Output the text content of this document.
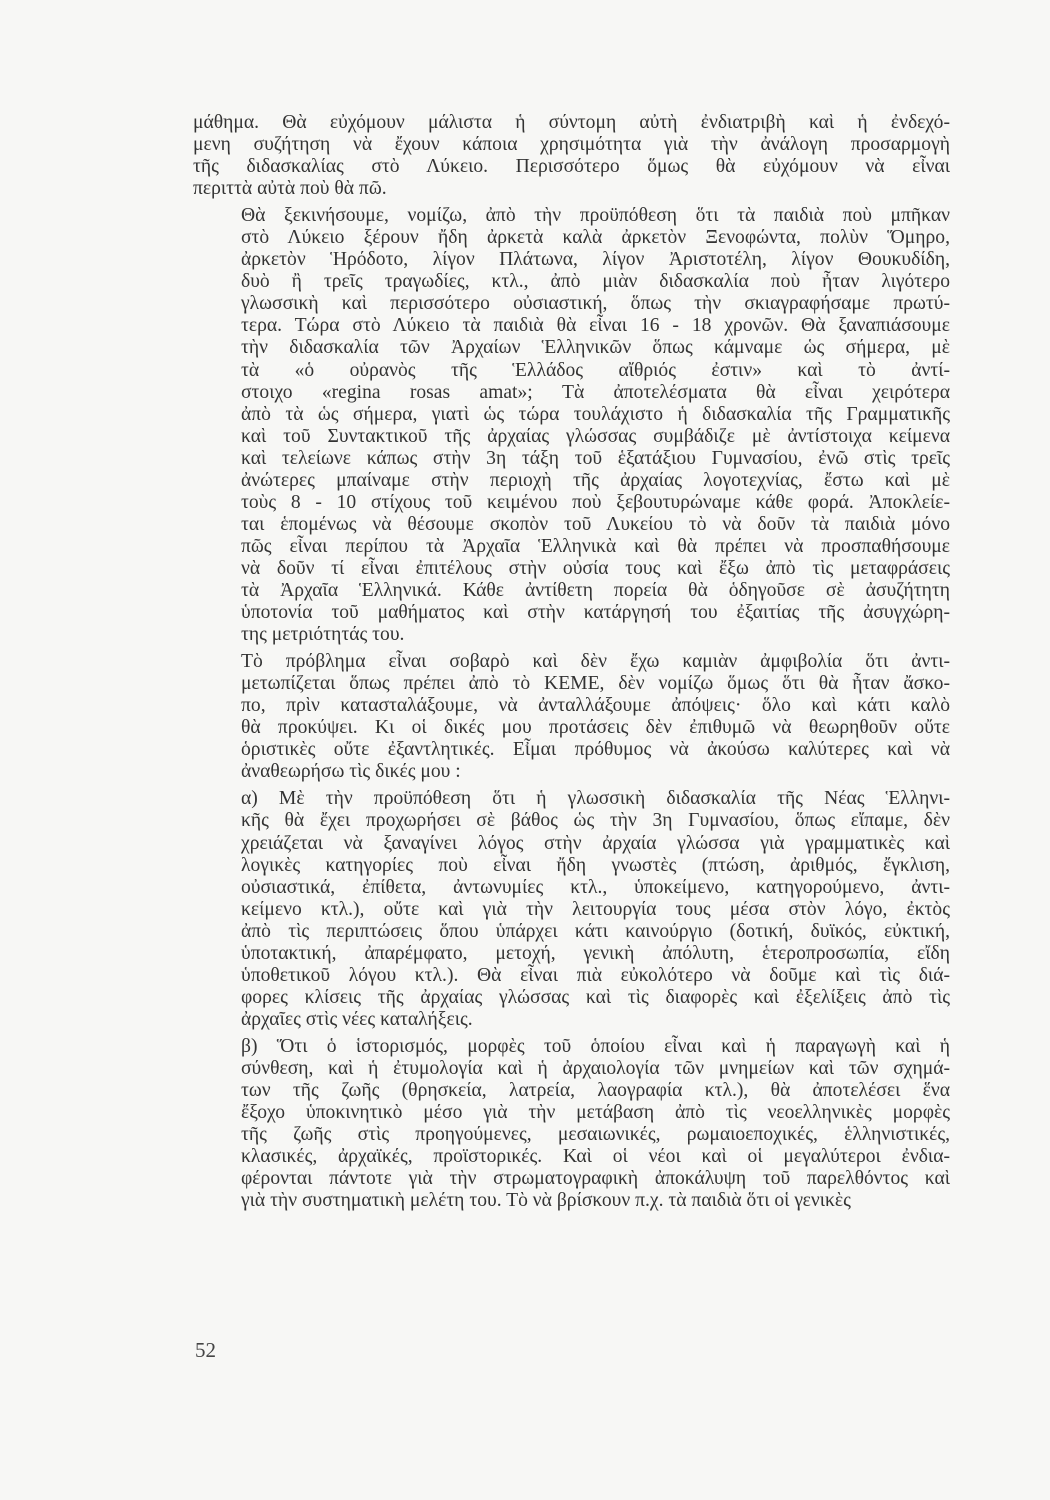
μάθημα. Θὰ εὐχόμουν μάλιστα ἡ σύντομη αὐτὴ ἐνδιατριβὴ καὶ ἡ ἐνδεχό-
μενη συζήτηση νὰ ἔχουν κάποια χρησιμότητα γιὰ τὴν ἀνάλογη προσαρμογὴ
τῆς διδασκαλίας στὸ Λύκειο. Περισσότερο ὅμως θὰ εὐχόμουν νὰ εἶναι
περιττὰ αὐτὰ ποὺ θὰ πῶ.
Θὰ ξεκινήσουμε, νομίζω, ἀπὸ τὴν προϋπόθεση ὅτι τὰ παιδιὰ ποὺ μπῆκαν
στὸ Λύκειο ξέρουν ἤδη ἀρκετὰ καλὰ ἀρκετὸν Ξενοφώντα, πολὺν Ὅμηρο,
ἀρκετὸν Ἡρόδοτο, λίγον Πλάτωνα, λίγον Ἀριστοτέλη, λίγον Θουκυδίδη,
δυὸ ἢ τρεῖς τραγωδίες, κτλ., ἀπὸ μιὰν διδασκαλία ποὺ ἦταν λιγότερο
γλωσσικὴ καὶ περισσότερο οὐσιαστική, ὅπως τὴν σκιαγραφήσαμε πρωτύ-
τερα. Τώρα στὸ Λύκειο τὰ παιδιὰ θὰ εἶναι 16 - 18 χρονῶν. Θὰ ξαναπιάσουμε
τὴν διδασκαλία τῶν Ἀρχαίων Ἑλληνικῶν ὅπως κάμναμε ὡς σήμερα, μὲ
τὰ «ὁ οὐρανὸς τῆς Ἑλλάδος αἴθριός ἐστιν» καὶ τὸ ἀντί-
στοιχο «regina rosas amat»; Τὰ ἀποτελέσματα θὰ εἶναι χειρότερα
ἀπὸ τὰ ὡς σήμερα, γιατὶ ὡς τώρα τουλάχιστο ἡ διδασκαλία τῆς Γραμματικῆς
καὶ τοῦ Συντακτικοῦ τῆς ἀρχαίας γλώσσας συμβάδιζε μὲ ἀντίστοιχα κείμενα
καὶ τελείωνε κάπως στὴν 3η τάξη τοῦ ἑξατάξιου Γυμνασίου, ἐνῶ στὶς τρεῖς
ἀνώτερες μπαίναμε στὴν περιοχὴ τῆς ἀρχαίας λογοτεχνίας, ἔστω καὶ μὲ
τοὺς 8 - 10 στίχους τοῦ κειμένου ποὺ ξεβουτυρώναμε κάθε φορά. Ἀποκλείε-
ται ἑπομένως νὰ θέσουμε σκοπὸν τοῦ Λυκείου τὸ νὰ δοῦν τὰ παιδιὰ μόνο
πῶς εἶναι περίπου τὰ Ἀρχαῖα Ἑλληνικὰ καὶ θὰ πρέπει νὰ προσπαθήσουμε
νὰ δοῦν τί εἶναι ἐπιτέλους στὴν οὐσία τους καὶ ἔξω ἀπὸ τὶς μεταφράσεις
τὰ Ἀρχαῖα Ἑλληνικά. Κάθε ἀντίθετη πορεία θὰ ὁδηγοῦσε σὲ ἀσυζήτητη
ὑποτονία τοῦ μαθήματος καὶ στὴν κατάργησή του ἐξαιτίας τῆς ἀσυγχώρη-
της μετριότητάς του.
Τὸ πρόβλημα εἶναι σοβαρὸ καὶ δὲν ἔχω καμιὰν ἀμφιβολία ὅτι ἀντι-
μετωπίζεται ὅπως πρέπει ἀπὸ τὸ ΚΕΜΕ, δὲν νομίζω ὅμως ὅτι θὰ ἦταν ἄσκο-
πο, πρὶν κατασταλάξουμε, νὰ ἀνταλλάξουμε ἀπόψεις· ὅλο καὶ κάτι καλὸ
θὰ προκύψει. Κι οἱ δικές μου προτάσεις δὲν ἐπιθυμῶ νὰ θεωρηθοῦν οὔτε
ὁριστικὲς οὔτε ἐξαντλητικές. Εἶμαι πρόθυμος νὰ ἀκούσω καλύτερες καὶ νὰ
ἀναθεωρήσω τὶς δικές μου :
α) Μὲ τὴν προϋπόθεση ὅτι ἡ γλωσσικὴ διδασκαλία τῆς Νέας Ἑλληνι-
κῆς θὰ ἔχει προχωρήσει σὲ βάθος ὡς τὴν 3η Γυμνασίου, ὅπως εἴπαμε, δὲν
χρειάζεται νὰ ξαναγίνει λόγος στὴν ἀρχαία γλώσσα γιὰ γραμματικὲς καὶ
λογικὲς κατηγορίες ποὺ εἶναι ἤδη γνωστὲς (πτώση, ἀριθμός, ἔγκλιση,
οὐσιαστικά, ἐπίθετα, ἀντωνυμίες κτλ., ὑποκείμενο, κατηγορούμενο, ἀντι-
κείμενο κτλ.), οὔτε καὶ γιὰ τὴν λειτουργία τους μέσα στὸν λόγο, ἐκτὸς
ἀπὸ τὶς περιπτώσεις ὅπου ὑπάρχει κάτι καινούργιο (δοτική, δυϊκός, εὐκτική,
ὑποτακτική, ἀπαρέμφατο, μετοχή, γενικὴ ἀπόλυτη, ἑτεροπροσωπία, εἴδη
ὑποθετικοῦ λόγου κτλ.). Θὰ εἶναι πιὰ εὐκολότερο νὰ δοῦμε καὶ τὶς διά-
φορες κλίσεις τῆς ἀρχαίας γλώσσας καὶ τὶς διαφορὲς καὶ ἐξελίξεις ἀπὸ τὶς
ἀρχαῖες στὶς νέες καταλήξεις.
β) Ὅτι ὁ ἱστορισμός, μορφὲς τοῦ ὁποίου εἶναι καὶ ἡ παραγωγὴ καὶ ἡ
σύνθεση, καὶ ἡ ἐτυμολογία καὶ ἡ ἀρχαιολογία τῶν μνημείων καὶ τῶν σχημά-
των τῆς ζωῆς (θρησκεία, λατρεία, λαογραφία κτλ.), θὰ ἀποτελέσει ἕνα
ἔξοχο ὑποκινητικὸ μέσο γιὰ τὴν μετάβαση ἀπὸ τὶς νεοελληνικὲς μορφὲς
τῆς ζωῆς στὶς προηγούμενες, μεσαιωνικές, ρωμαιοεποχικές, ἑλληνιστικές,
κλασικές, ἀρχαϊκές, προϊστορικές. Καὶ οἱ νέοι καὶ οἱ μεγαλύτεροι ἐνδια-
φέρονται πάντοτε γιὰ τὴν στρωματογραφικὴ ἀποκάλυψη τοῦ παρελθόντος καὶ
γιὰ τὴν συστηματικὴ μελέτη του. Τὸ νὰ βρίσκουν π.χ. τὰ παιδιὰ ὅτι οἱ γενικὲς
52
